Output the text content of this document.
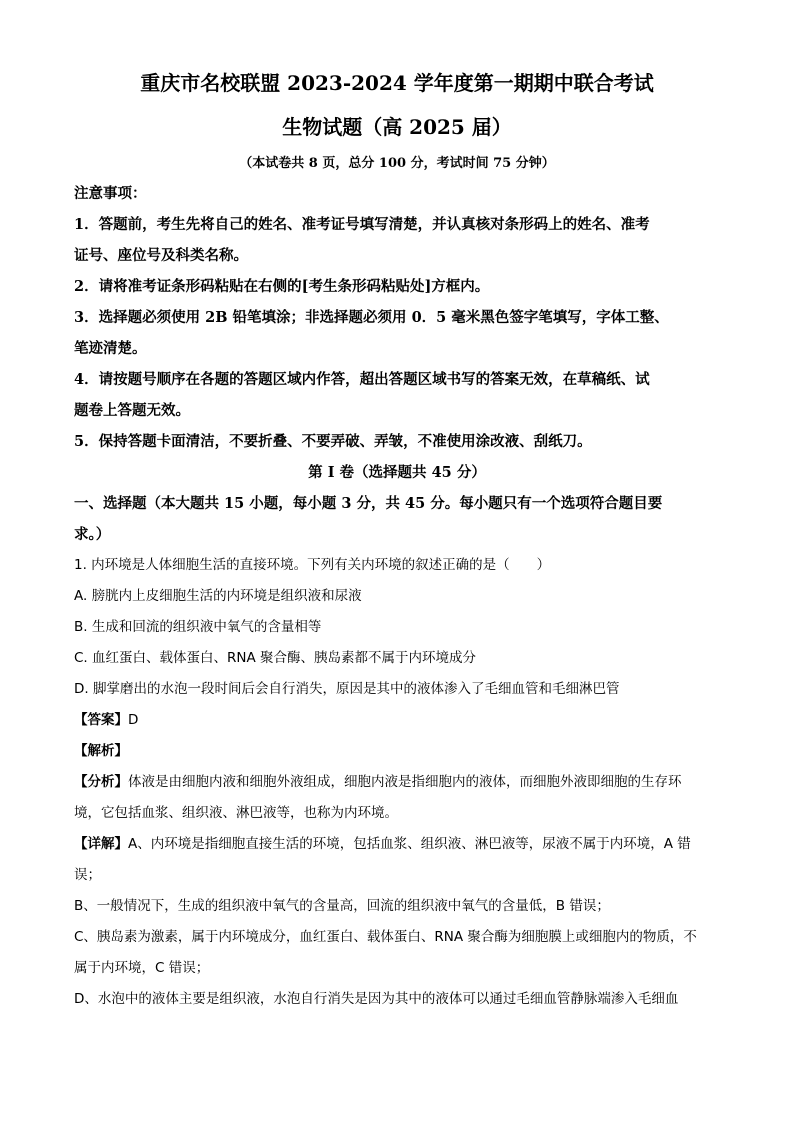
重庆市名校联盟 2023-2024 学年度第一期期中联合考试
生物试题（高 2025 届）
（本试卷共 8 页，总分 100 分，考试时间 75 分钟）
注意事项：
1．答题前，考生先将自己的姓名、准考证号填写清楚，并认真核对条形码上的姓名、准考
证号、座位号及科类名称。
2．请将准考证条形码粘贴在右侧的[考生条形码粘贴处]方框内。
3．选择题必须使用 2B 铅笔填涂；非选择题必须用 0．5 毫米黑色签字笔填写，字体工整、
笔迹清楚。
4．请按题号顺序在各题的答题区域内作答，超出答题区域书写的答案无效，在草稿纸、试
题卷上答题无效。
5．保持答题卡面清洁，不要折叠、不要弄破、弄皱，不准使用涂改液、刮纸刀。
第 I 卷（选择题共 45 分）
一、选择题（本大题共 15 小题，每小题 3 分，共 45 分。每小题只有一个选项符合题目要
求。）
1. 内环境是人体细胞生活的直接环境。下列有关内环境的叙述正确的是（　　）
A. 膀胱内上皮细胞生活的内环境是组织液和尿液
B. 生成和回流的组织液中氧气的含量相等
C. 血红蛋白、载体蛋白、RNA 聚合酶、胰岛素都不属于内环境成分
D. 脚掌磨出的水泡一段时间后会自行消失，原因是其中的液体渗入了毛细血管和毛细淋巴管
【答案】D
【解析】
【分析】体液是由细胞内液和细胞外液组成，细胞内液是指细胞内的液体，而细胞外液即细胞的生存环
境，它包括血浆、组织液、淋巴液等，也称为内环境。
【详解】A、内环境是指细胞直接生活的环境，包括血浆、组织液、淋巴液等，尿液不属于内环境，A 错
误；
B、一般情况下，生成的组织液中氧气的含量高，回流的组织液中氧气的含量低，B 错误；
C、胰岛素为激素，属于内环境成分，血红蛋白、载体蛋白、RNA 聚合酶为细胞膜上或细胞内的物质，不
属于内环境，C 错误；
D、水泡中的液体主要是组织液，水泡自行消失是因为其中的液体可以通过毛细血管静脉端渗入毛细血
